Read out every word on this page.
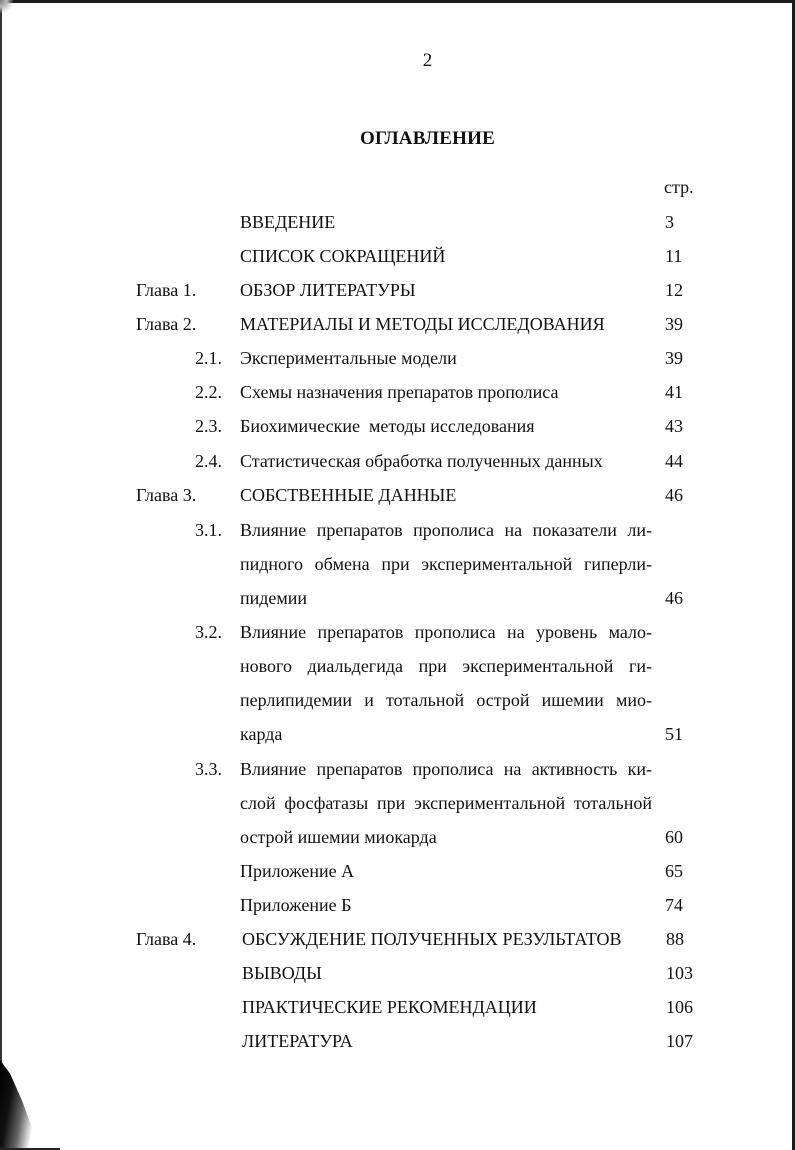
2
ОГЛАВЛЕНИЕ
стр.
ВВЕДЕНИЕ	3
СПИСОК СОКРАЩЕНИЙ	11
Глава 1. ОБЗОР ЛИТЕРАТУРЫ	12
Глава 2. МАТЕРИАЛЫ И МЕТОДЫ ИССЛЕДОВАНИЯ	39
2.1. Экспериментальные модели	39
2.2. Схемы назначения препаратов прополиса	41
2.3. Биохимические  методы исследования	43
2.4. Статистическая обработка полученных данных	44
Глава 3. СОБСТВЕННЫЕ ДАННЫЕ	46
3.1. Влияние препаратов прополиса на показатели ли-
пидного обмена при экспериментальной гиперли-
пидемии	46
3.2. Влияние препаратов прополиса на уровень мало-
нового диальдегида при экспериментальной ги-
перлипидемии и тотальной острой ишемии мио-
карда	51
3.3. Влияние препаратов прополиса на активность ки-
слой фосфатазы при экспериментальной тотальной
острой ишемии миокарда	60
Приложение А	65
Приложение Б	74
Глава 4.	ОБСУЖДЕНИЕ ПОЛУЧЕННЫХ РЕЗУЛЬТАТОВ 88
ВЫВОДЫ	103
ПРАКТИЧЕСКИЕ РЕКОМЕНДАЦИИ	106
ЛИТЕРАТУРА	107
